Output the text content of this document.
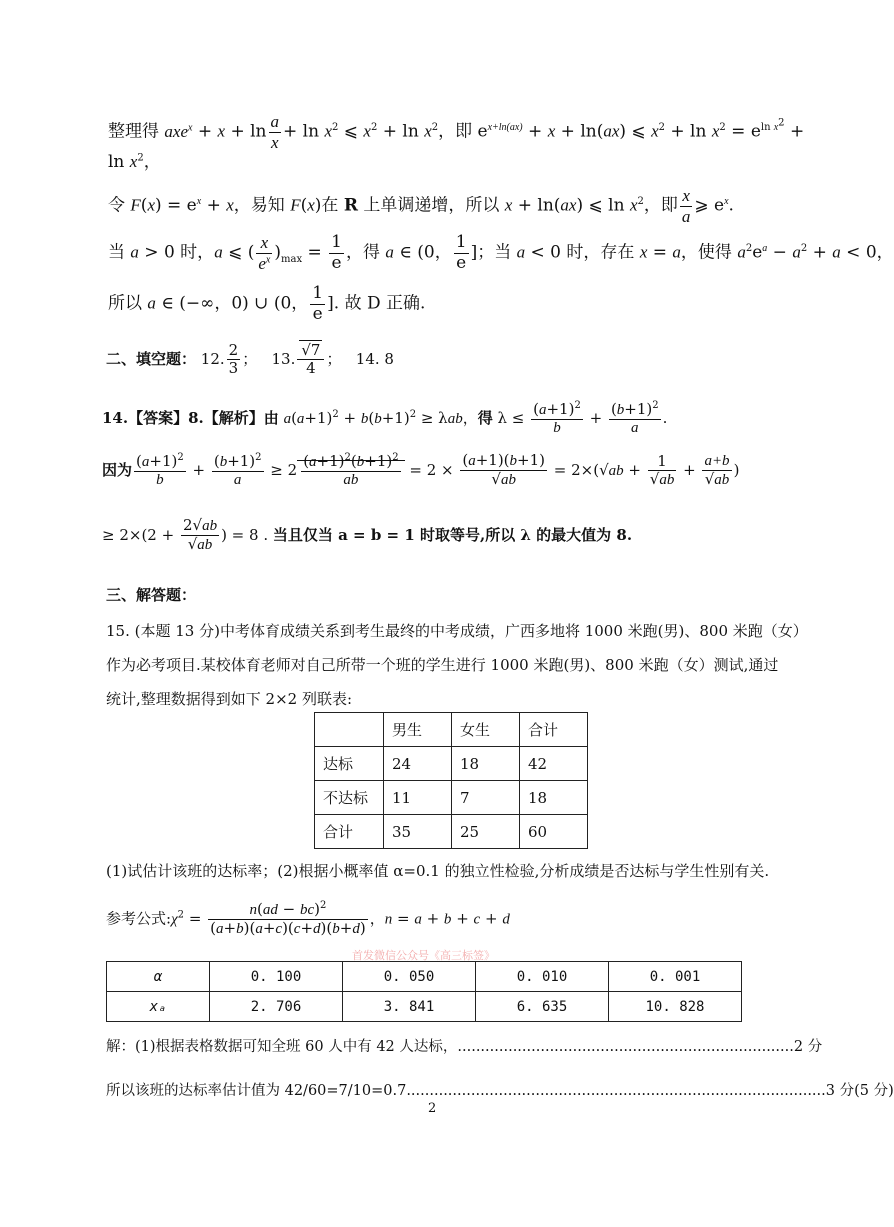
整理得 $axe^x + x + \ln \frac{a}{x} + \ln x^2$ ⩽ $x^2 + \ln x^2$，即 $e^{x+ln(ax)} + x + \ln(ax)$ ⩽ $x^2 + \ln x^2 = e^{ln x^2}$ +
$\ln x^2$，
令 $F(x) = e^x + x$，易知 F(x)在 R 上单调递增，所以 x + ln(ax) ⩽ $\ln x^2$，即 $\frac{x}{a}$ ⩾ $e^x$.
当 a > 0 时，a ⩽ ( $\frac{x}{e^x} )_{max} = \frac{1}{e}$ ，得 a ∈ (0， $\frac{1}{e}$ ]；当 a < 0 时，存在 x = a，使得 $a^2e^a - a^2 + a < 0$，
所以 a ∈ (−∞，0) ∪ (0， $\frac{1}{e}$ ]. 故 D 正确.
二、填空题： 12. $\frac{2}{3}$ ；   13. $\frac{√7}{4}$ ；   14. 8
14.【答案】8.【解析】由 $a(a+1)^2 + b(b+1)^2 \ge \lambda ab$，得 $\lambda \le \frac{(a+1)^2}{b} + \frac{(b+1)^2}{a}$ .
因为 $\frac{(a+1)^2}{b} + \frac{(b+1)^2}{a} \ge 2 \frac{(a+1)^2(b+1)^2}{ab} = 2 \times \frac{(a+1)(b+1)}{√ab} = 2\times(√ab + \frac{1}{√ab} + \frac{a+b}{√ab}$ )
≥ $2\times(2 + \frac{2√ab}{√ab}$ ) = 8 . 当且仅当 a = b = 1 时取等号,所以 λ 的最大值为 8.
三、解答题：
15. (本题 13 分)中考体育成绩关系到考生最终的中考成绩，广西多地将 1000 米跑(男)、800 米跑（女）
作为必考项目.某校体育老师对自己所带一个班的学生进行 1000 米跑(男)、800 米跑（女）测试,通过
统计,整理数据得到如下 2×2 列联表:
	男生	女生	合计
达标	24	18	42
不达标	11	7	18
合计	35	25	60
(1)试估计该班的达标率；(2)根据小概率值 α=0.1 的独立性检验,分析成绩是否达标与学生性别有关.
参考公式$:\chi^2 = \frac{n(ad - bc)^2}{(a+b)(a+c)(c+d)(b+d)}$ ，n = a + b + c + d
首发微信公众号《高三标签》
α	0. 100	0. 050	0. 010	0. 001
xₐ	2. 706	3. 841	6. 635	10. 828
解：(1)根据表格数据可知全班 60 人中有 42 人达标，.........................................................................2 分
所以该班的达标率估计值为 42/60=7/10=0.7...........................................................................................3 分(5 分)
2
